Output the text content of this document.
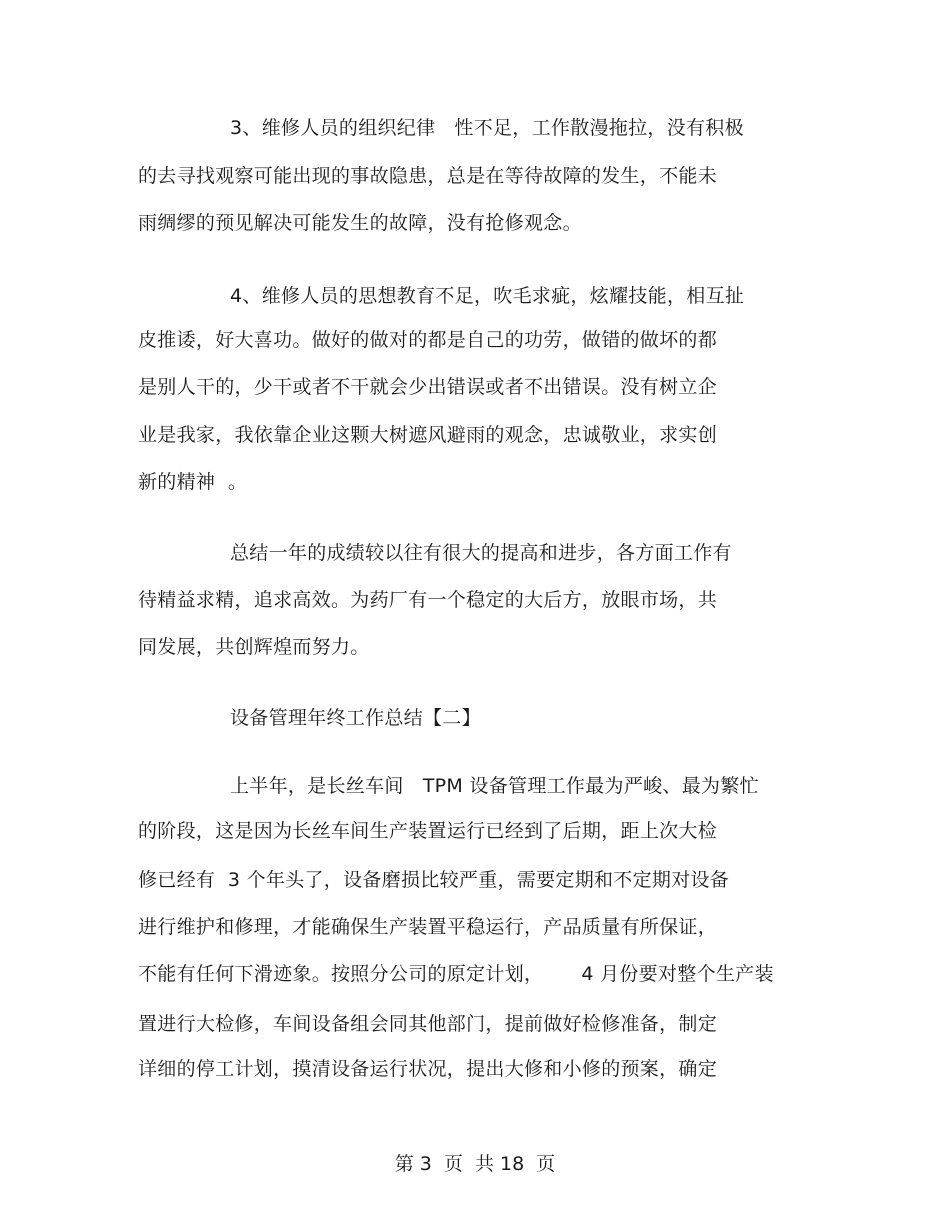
3、维修人员的组织纪律   性不足，工作散漫拖拉，没有积极
的去寻找观察可能出现的事故隐患，总是在等待故障的发生，不能未
雨绸缪的预见解决可能发生的故障，没有抢修观念。
4、维修人员的思想教育不足，吹毛求疵，炫耀技能，相互扯
皮推诿，好大喜功。做好的做对的都是自己的功劳，做错的做坏的都
是别人干的，少干或者不干就会少出错误或者不出错误。没有树立企
业是我家，我依靠企业这颗大树遮风避雨的观念，忠诚敬业，求实创
新的精神  。
总结一年的成绩较以往有很大的提高和进步，各方面工作有
待精益求精，追求高效。为药厂有一个稳定的大后方，放眼市场，共
同发展，共创辉煌而努力。
设备管理年终工作总结【二】
上半年，是长丝车间   TPM 设备管理工作最为严峻、最为繁忙
的阶段，这是因为长丝车间生产装置运行已经到了后期，距上次大检
修已经有  3 个年头了，设备磨损比较严重，需要定期和不定期对设备
进行维护和修理，才能确保生产装置平稳运行，产品质量有所保证，
不能有任何下滑迹象。按照分公司的原定计划，      4 月份要对整个生产装
置进行大检修，车间设备组会同其他部门，提前做好检修准备，制定
详细的停工计划，摸清设备运行状况，提出大修和小修的预案，确定
第 3  页  共 18  页
